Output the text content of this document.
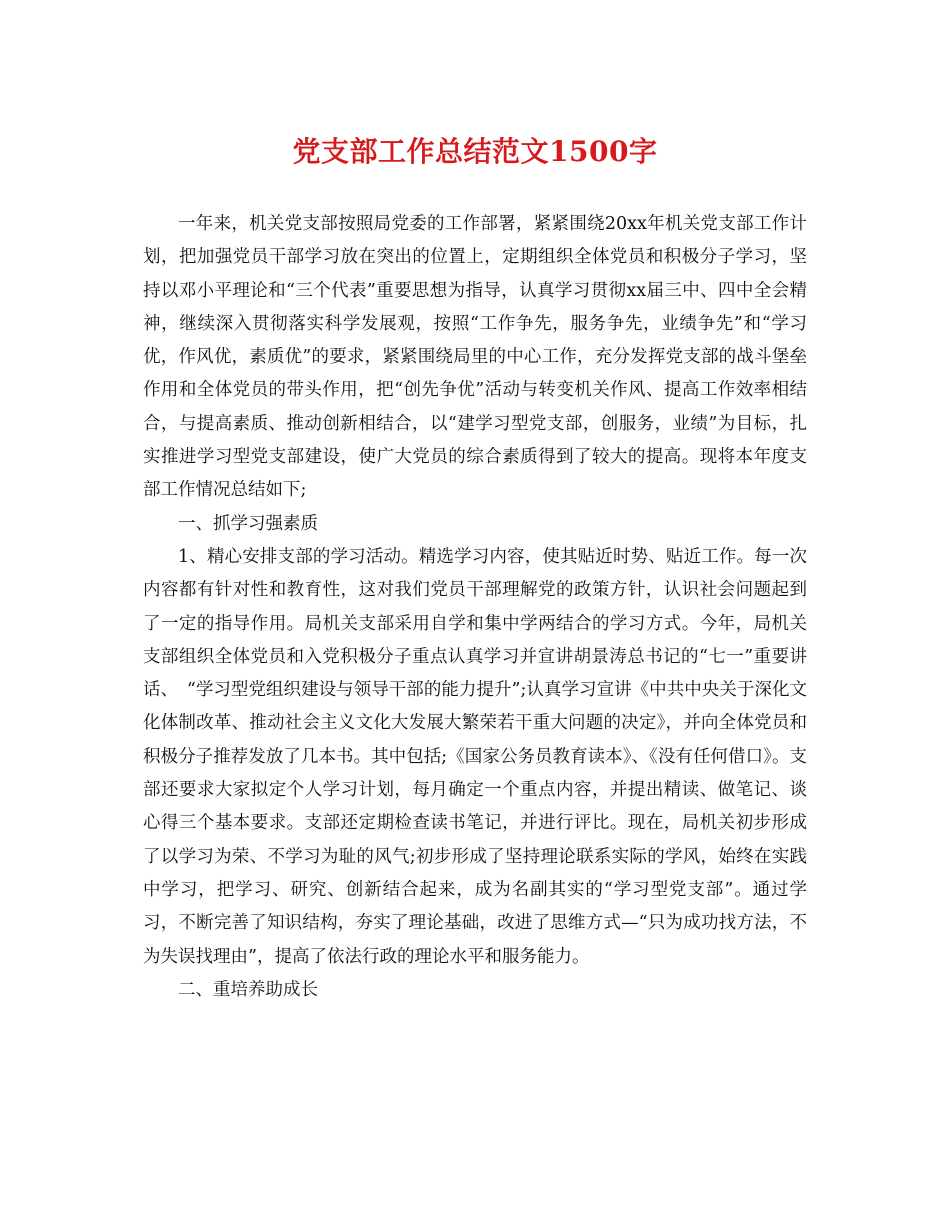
党支部工作总结范文1500字

一年来，机关党支部按照局党委的工作部署，紧紧围绕20xx年机关党支部工作计划，把加强党员干部学习放在突出的位置上，定期组织全体党员和积极分子学习，坚持以邓小平理论和“三个代表”重要思想为指导，认真学习贯彻xx届三中、四中全会精神，继续深入贯彻落实科学发展观，按照“工作争先，服务争先，业绩争先”和“学习优，作风优，素质优”的要求，紧紧围绕局里的中心工作，充分发挥党支部的战斗堡垒作用和全体党员的带头作用，把“创先争优”活动与转变机关作风、提高工作效率相结合，与提高素质、推动创新相结合，以“建学习型党支部，创服务，业绩”为目标，扎实推进学习型党支部建设，使广大党员的综合素质得到了较大的提高。现将本年度支部工作情况总结如下;

一、抓学习强素质

1、精心安排支部的学习活动。精选学习内容，使其贴近时势、贴近工作。每一次内容都有针对性和教育性，这对我们党员干部理解党的政策方针，认识社会问题起到了一定的指导作用。局机关支部采用自学和集中学两结合的学习方式。今年，局机关支部组织全体党员和入党积极分子重点认真学习并宣讲胡景涛总书记的“七一”重要讲话、　“学习型党组织建设与领导干部的能力提升”;认真学习宣讲《中共中央关于深化文化体制改革、推动社会主义文化大发展大繁荣若干重大问题的决定》，并向全体党员和积极分子推荐发放了几本书。其中包括;《国家公务员教育读本》、《没有任何借口》。支部还要求大家拟定个人学习计划，每月确定一个重点内容，并提出精读、做笔记、谈心得三个基本要求。支部还定期检查读书笔记，并进行评比。现在，局机关初步形成了以学习为荣、不学习为耻的风气;初步形成了坚持理论联系实际的学风，始终在实践中学习，把学习、研究、创新结合起来，成为名副其实的“学习型党支部”。通过学习，不断完善了知识结构，夯实了理论基础，改进了思维方式—“只为成功找方法，不为失误找理由”，提高了依法行政的理论水平和服务能力。

二、重培养助成长
